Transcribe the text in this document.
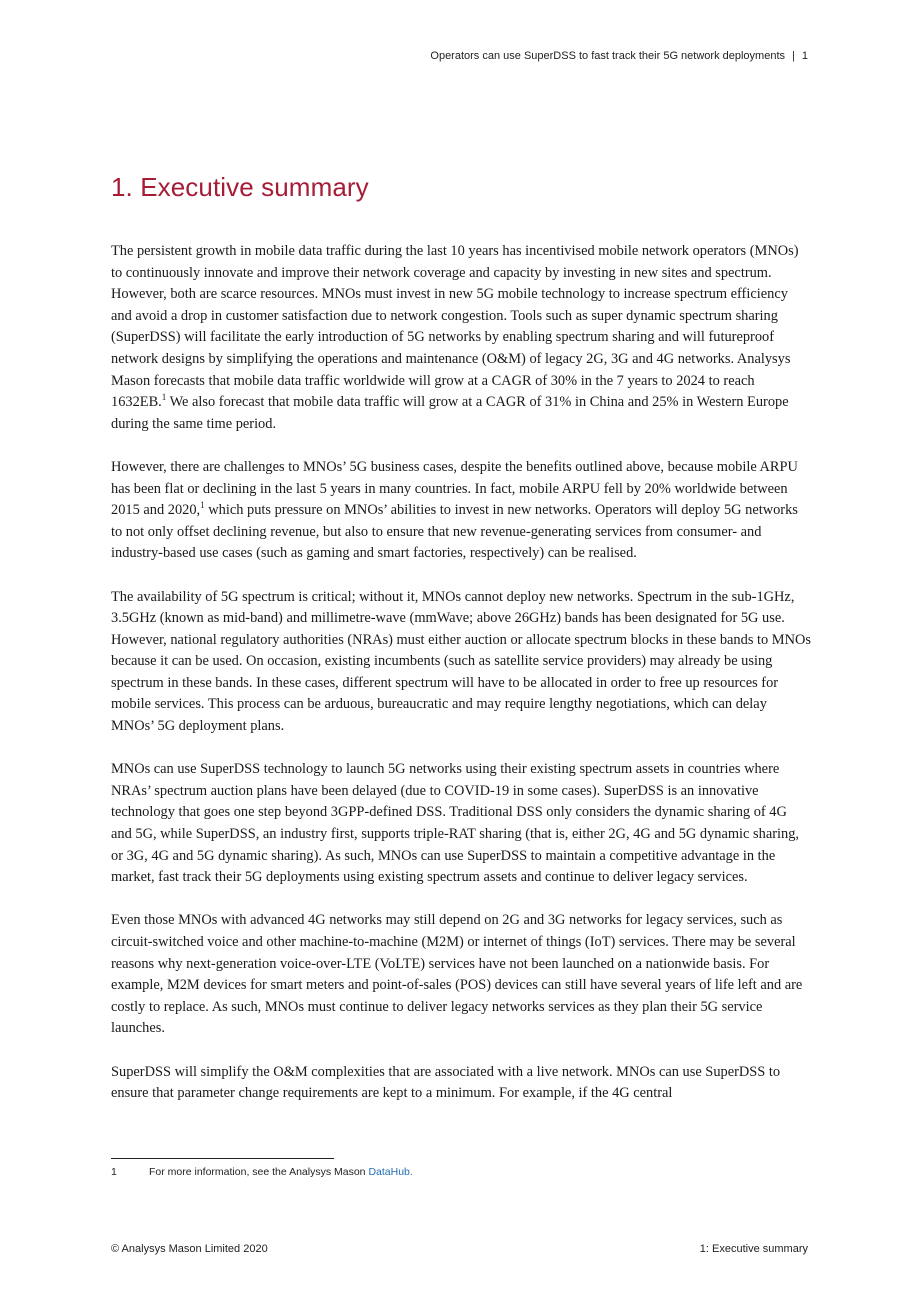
Operators can use SuperDSS to fast track their 5G network deployments | 1
1. Executive summary

The persistent growth in mobile data traffic during the last 10 years has incentivised mobile network operators (MNOs) to continuously innovate and improve their network coverage and capacity by investing in new sites and spectrum. However, both are scarce resources. MNOs must invest in new 5G mobile technology to increase spectrum efficiency and avoid a drop in customer satisfaction due to network congestion. Tools such as super dynamic spectrum sharing (SuperDSS) will facilitate the early introduction of 5G networks by enabling spectrum sharing and will futureproof network designs by simplifying the operations and maintenance (O&M) of legacy 2G, 3G and 4G networks. Analysys Mason forecasts that mobile data traffic worldwide will grow at a CAGR of 30% in the 7 years to 2024 to reach 1632EB.$^1$ We also forecast that mobile data traffic will grow at a CAGR of 31% in China and 25% in Western Europe during the same time period.

However, there are challenges to MNOs’ 5G business cases, despite the benefits outlined above, because mobile ARPU has been flat or declining in the last 5 years in many countries. In fact, mobile ARPU fell by 20% worldwide between 2015 and 2020,$^1$ which puts pressure on MNOs’ abilities to invest in new networks. Operators will deploy 5G networks to not only offset declining revenue, but also to ensure that new revenue-generating services from consumer- and industry-based use cases (such as gaming and smart factories, respectively) can be realised.

The availability of 5G spectrum is critical; without it, MNOs cannot deploy new networks. Spectrum in the sub-1GHz, 3.5GHz (known as mid-band) and millimetre-wave (mmWave; above 26GHz) bands has been designated for 5G use. However, national regulatory authorities (NRAs) must either auction or allocate spectrum blocks in these bands to MNOs because it can be used. On occasion, existing incumbents (such as satellite service providers) may already be using spectrum in these bands. In these cases, different spectrum will have to be allocated in order to free up resources for mobile services. This process can be arduous, bureaucratic and may require lengthy negotiations, which can delay MNOs’ 5G deployment plans.

MNOs can use SuperDSS technology to launch 5G networks using their existing spectrum assets in countries where NRAs’ spectrum auction plans have been delayed (due to COVID-19 in some cases). SuperDSS is an innovative technology that goes one step beyond 3GPP-defined DSS. Traditional DSS only considers the dynamic sharing of 4G and 5G, while SuperDSS, an industry first, supports triple-RAT sharing (that is, either 2G, 4G and 5G dynamic sharing, or 3G, 4G and 5G dynamic sharing). As such, MNOs can use SuperDSS to maintain a competitive advantage in the market, fast track their 5G deployments using existing spectrum assets and continue to deliver legacy services.

Even those MNOs with advanced 4G networks may still depend on 2G and 3G networks for legacy services, such as circuit-switched voice and other machine-to-machine (M2M) or internet of things (IoT) services. There may be several reasons why next-generation voice-over-LTE (VoLTE) services have not been launched on a nationwide basis. For example, M2M devices for smart meters and point-of-sales (POS) devices can still have several years of life left and are costly to replace. As such, MNOs must continue to deliver legacy networks services as they plan their 5G service launches.

SuperDSS will simplify the O&M complexities that are associated with a live network. MNOs can use SuperDSS to ensure that parameter change requirements are kept to a minimum. For example, if the 4G central

1	For more information, see the Analysys Mason DataHub.
© Analysys Mason Limited 2020	1: Executive summary
